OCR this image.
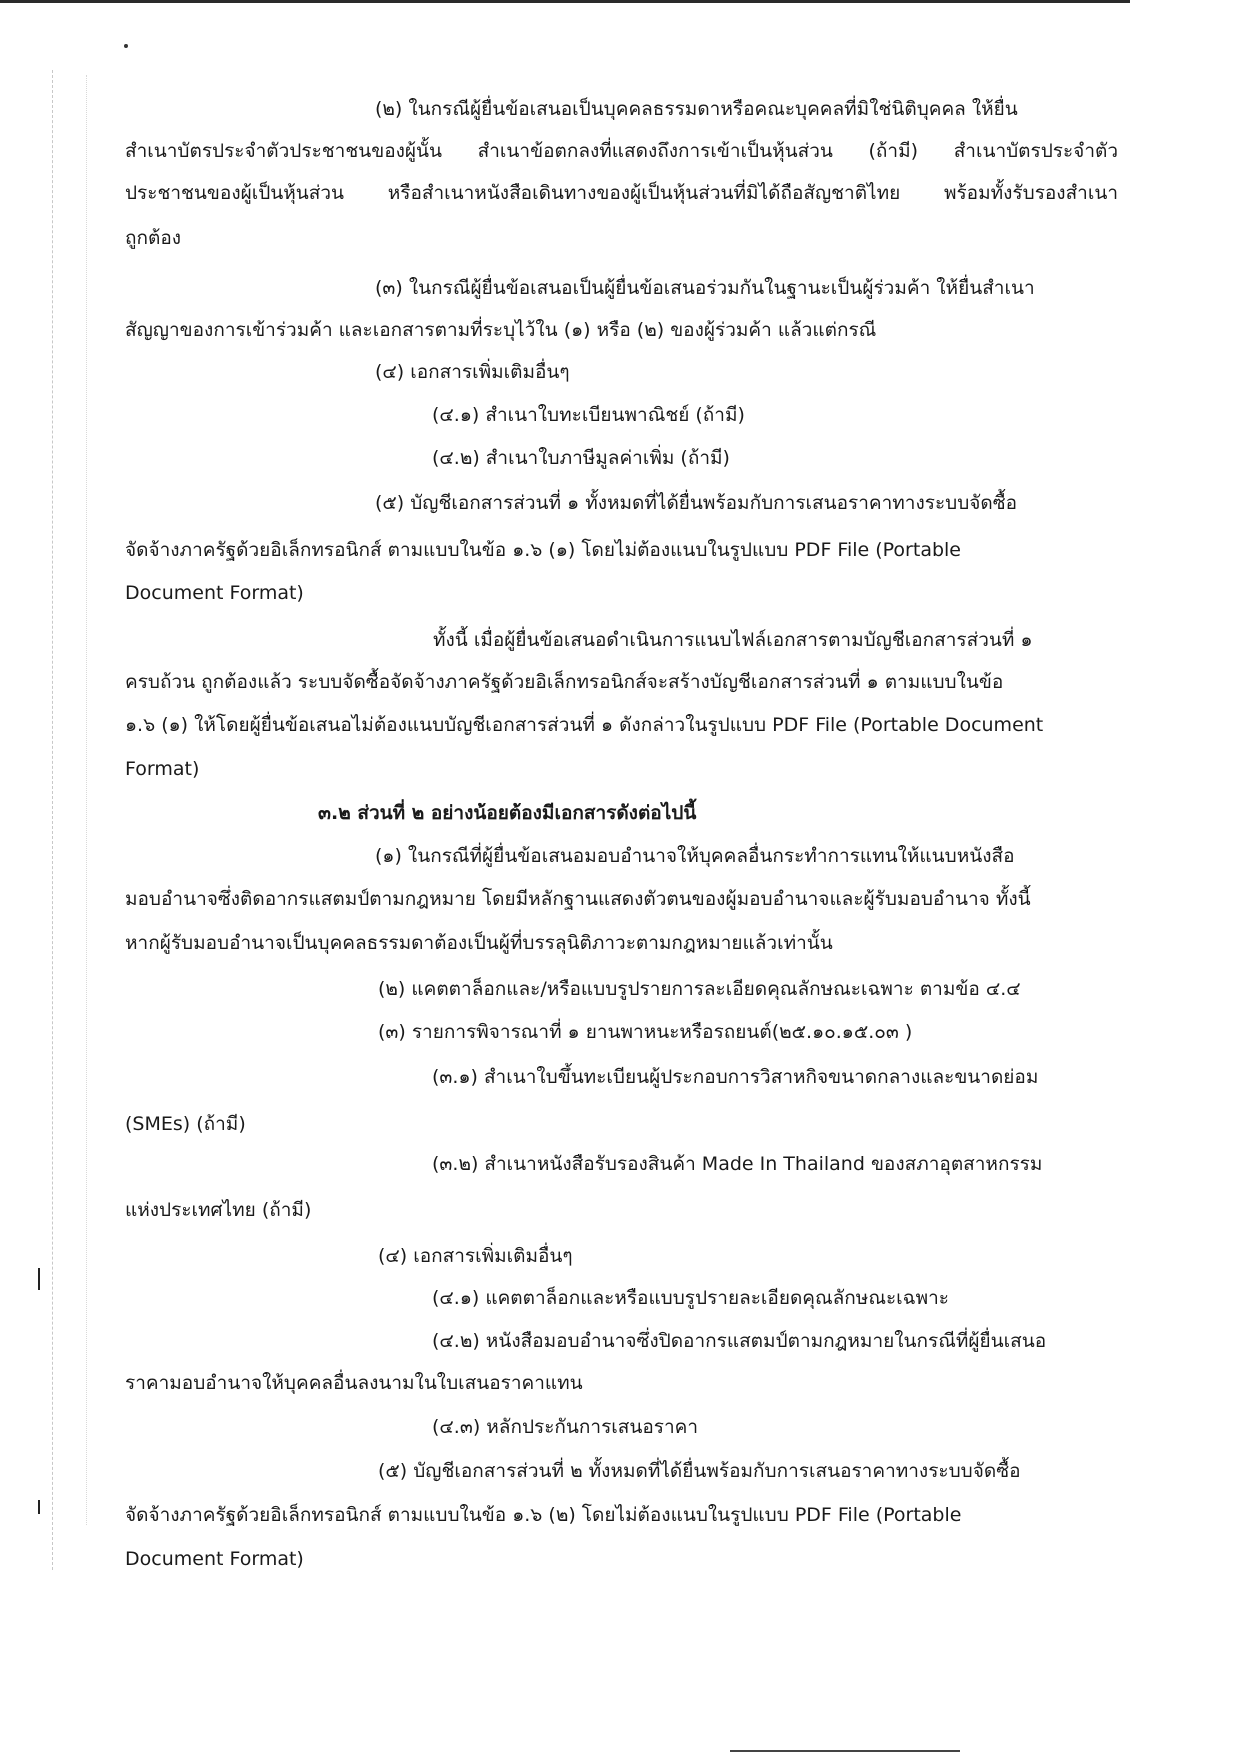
(๒) ในกรณีผู้ยื่นข้อเสนอเป็นบุคคลธรรมดาหรือคณะบุคคลที่มิใช่นิติบุคคล ให้ยื่น
สำเนาบัตรประจำตัวประชาชนของผู้นั้น สำเนาข้อตกลงที่แสดงถึงการเข้าเป็นหุ้นส่วน (ถ้ามี) สำเนาบัตรประจำตัว
ประชาชนของผู้เป็นหุ้นส่วน หรือสำเนาหนังสือเดินทางของผู้เป็นหุ้นส่วนที่มิได้ถือสัญชาติไทย พร้อมทั้งรับรองสำเนา
ถูกต้อง
(๓) ในกรณีผู้ยื่นข้อเสนอเป็นผู้ยื่นข้อเสนอร่วมกันในฐานะเป็นผู้ร่วมค้า ให้ยื่นสำเนา
สัญญาของการเข้าร่วมค้า และเอกสารตามที่ระบุไว้ใน (๑) หรือ (๒) ของผู้ร่วมค้า แล้วแต่กรณี
(๔) เอกสารเพิ่มเติมอื่นๆ
(๔.๑) สำเนาใบทะเบียนพาณิชย์ (ถ้ามี)
(๔.๒) สำเนาใบภาษีมูลค่าเพิ่ม (ถ้ามี)
(๕) บัญชีเอกสารส่วนที่ ๑ ทั้งหมดที่ได้ยื่นพร้อมกับการเสนอราคาทางระบบจัดซื้อ
จัดจ้างภาครัฐด้วยอิเล็กทรอนิกส์ ตามแบบในข้อ ๑.๖ (๑) โดยไม่ต้องแนบในรูปแบบ PDF File (Portable
Document Format)
ทั้งนี้ เมื่อผู้ยื่นข้อเสนอดำเนินการแนบไฟล์เอกสารตามบัญชีเอกสารส่วนที่ ๑
ครบถ้วน ถูกต้องแล้ว ระบบจัดซื้อจัดจ้างภาครัฐด้วยอิเล็กทรอนิกส์จะสร้างบัญชีเอกสารส่วนที่ ๑ ตามแบบในข้อ
๑.๖ (๑) ให้โดยผู้ยื่นข้อเสนอไม่ต้องแนบบัญชีเอกสารส่วนที่ ๑ ดังกล่าวในรูปแบบ PDF File (Portable Document
Format)
๓.๒ ส่วนที่ ๒ อย่างน้อยต้องมีเอกสารดังต่อไปนี้
(๑) ในกรณีที่ผู้ยื่นข้อเสนอมอบอำนาจให้บุคคลอื่นกระทำการแทนให้แนบหนังสือ
มอบอำนาจซึ่งติดอากรแสตมป์ตามกฎหมาย โดยมีหลักฐานแสดงตัวตนของผู้มอบอำนาจและผู้รับมอบอำนาจ ทั้งนี้
หากผู้รับมอบอำนาจเป็นบุคคลธรรมดาต้องเป็นผู้ที่บรรลุนิติภาวะตามกฎหมายแล้วเท่านั้น
(๒) แคตตาล็อกและ/หรือแบบรูปรายการละเอียดคุณลักษณะเฉพาะ ตามข้อ ๔.๔
(๓) รายการพิจารณาที่ ๑ ยานพาหนะหรือรถยนต์(๒๕.๑๐.๑๕.๐๓ )
(๓.๑) สำเนาใบขึ้นทะเบียนผู้ประกอบการวิสาหกิจขนาดกลางและขนาดย่อม
(SMEs) (ถ้ามี)
(๓.๒) สำเนาหนังสือรับรองสินค้า Made In Thailand ของสภาอุตสาหกรรม
แห่งประเทศไทย (ถ้ามี)
(๔) เอกสารเพิ่มเติมอื่นๆ
(๔.๑) แคตตาล็อกและหรือแบบรูปรายละเอียดคุณลักษณะเฉพาะ
(๔.๒) หนังสือมอบอำนาจซึ่งปิดอากรแสตมป์ตามกฎหมายในกรณีที่ผู้ยื่นเสนอ
ราคามอบอำนาจให้บุคคลอื่นลงนามในใบเสนอราคาแทน
(๔.๓) หลักประกันการเสนอราคา
(๕) บัญชีเอกสารส่วนที่ ๒ ทั้งหมดที่ได้ยื่นพร้อมกับการเสนอราคาทางระบบจัดซื้อ
จัดจ้างภาครัฐด้วยอิเล็กทรอนิกส์ ตามแบบในข้อ ๑.๖ (๒) โดยไม่ต้องแนบในรูปแบบ PDF File (Portable
Document Format)
